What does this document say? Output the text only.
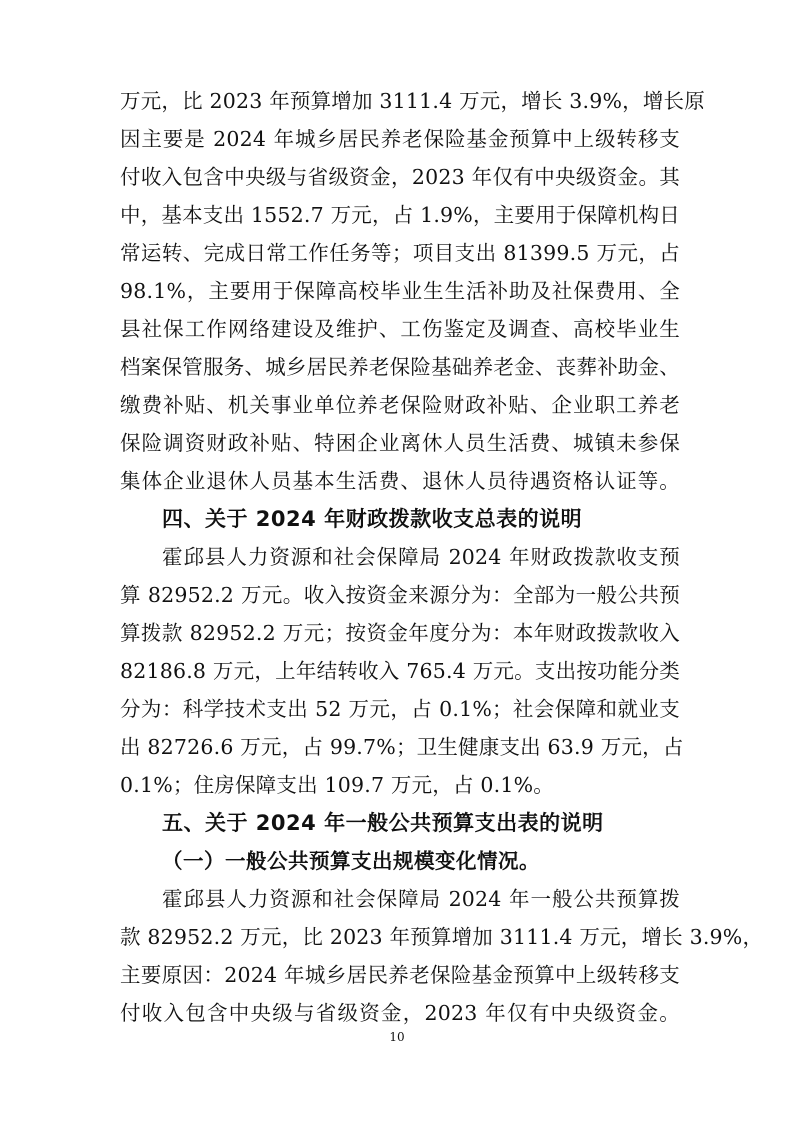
万元，比 2023 年预算增加 3111.4 万元，增长 3.9%，增长原
因主要是 2024 年城乡居民养老保险基金预算中上级转移支
付收入包含中央级与省级资金，2023 年仅有中央级资金。其
中，基本支出 1552.7 万元，占 1.9%，主要用于保障机构日
常运转、完成日常工作任务等；项目支出 81399.5 万元，占
98.1%，主要用于保障高校毕业生生活补助及社保费用、全
县社保工作网络建设及维护、工伤鉴定及调查、高校毕业生
档案保管服务、城乡居民养老保险基础养老金、丧葬补助金、
缴费补贴、机关事业单位养老保险财政补贴、企业职工养老
保险调资财政补贴、特困企业离休人员生活费、城镇未参保
集体企业退休人员基本生活费、退休人员待遇资格认证等。
四、关于 2024 年财政拨款收支总表的说明
霍邱县人力资源和社会保障局 2024 年财政拨款收支预
算 82952.2 万元。收入按资金来源分为：全部为一般公共预
算拨款 82952.2 万元；按资金年度分为：本年财政拨款收入
82186.8 万元，上年结转收入 765.4 万元。支出按功能分类
分为：科学技术支出 52 万元，占 0.1%；社会保障和就业支
出 82726.6 万元，占 99.7%；卫生健康支出 63.9 万元，占
0.1%；住房保障支出 109.7 万元，占 0.1%。
五、关于 2024 年一般公共预算支出表的说明
（一）一般公共预算支出规模变化情况。
霍邱县人力资源和社会保障局 2024 年一般公共预算拨
款 82952.2 万元，比 2023 年预算增加 3111.4 万元，增长 3.9%，
主要原因：2024 年城乡居民养老保险基金预算中上级转移支
付收入包含中央级与省级资金，2023 年仅有中央级资金。
10
